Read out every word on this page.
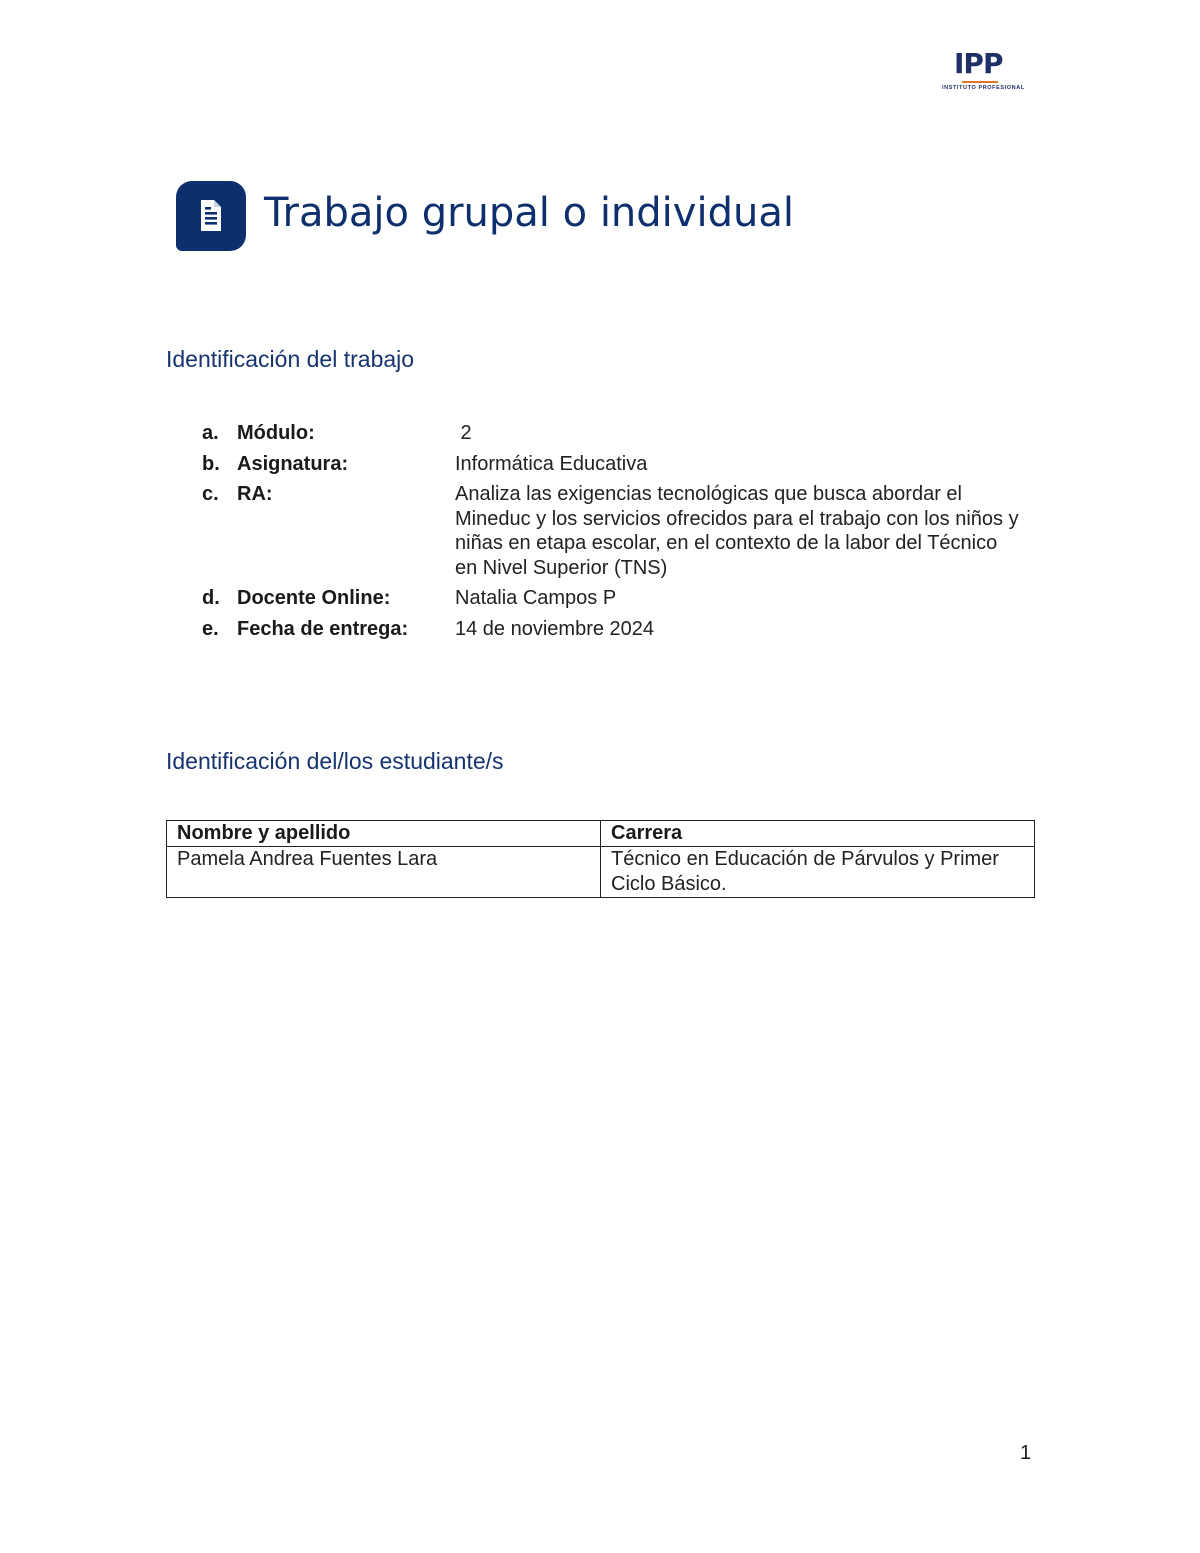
IPP
INSTITUTO PROFESIONAL
Trabajo grupal o individual
Identificación del trabajo
a. Módulo:	2
b. Asignatura:	Informática Educativa
c. RA:	Analiza las exigencias tecnológicas que busca abordar el Mineduc y los servicios ofrecidos para el trabajo con los niños y niñas en etapa escolar, en el contexto de la labor del Técnico en Nivel Superior (TNS)
d. Docente Online:	Natalia Campos P
e. Fecha de entrega:	14 de noviembre 2024
Identificación del/los estudiante/s
Nombre y apellido	Carrera
Pamela Andrea Fuentes Lara	Técnico en Educación de Párvulos y Primer Ciclo Básico.
1
